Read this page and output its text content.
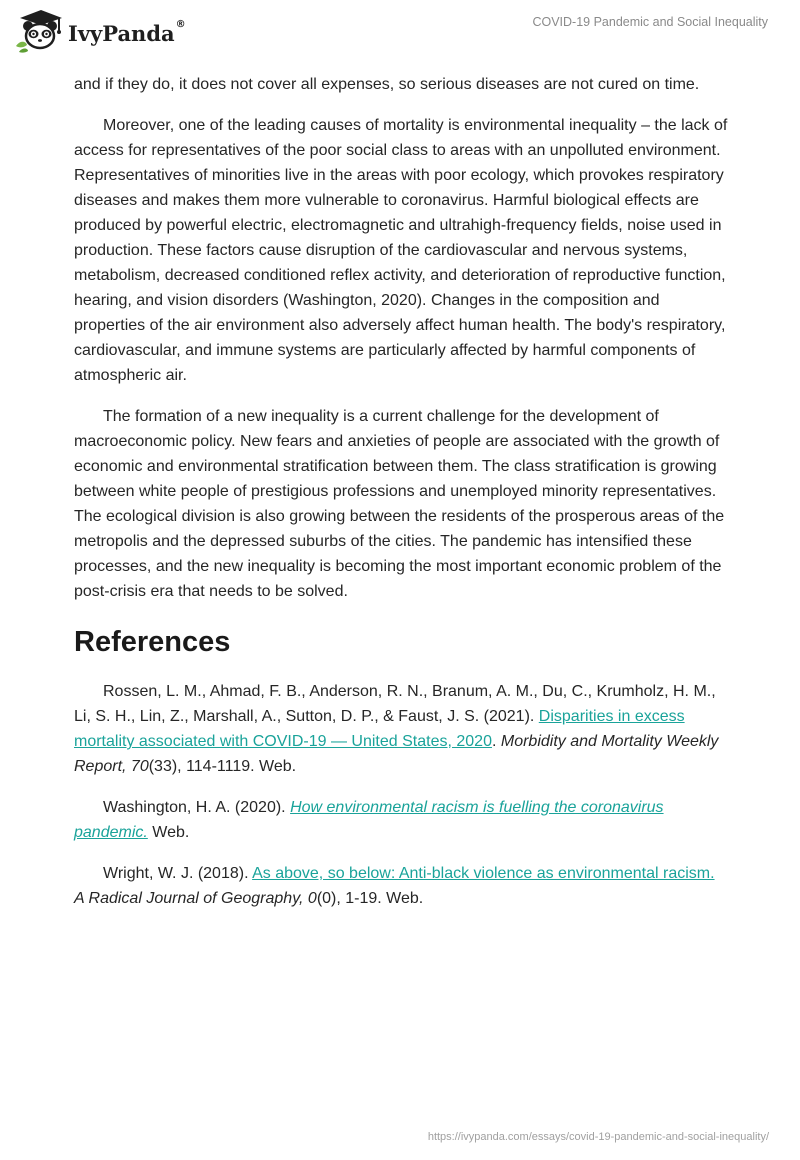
IvyPanda®	COVID-19 Pandemic and Social Inequality

and if they do, it does not cover all expenses, so serious diseases are not cured on time.

Moreover, one of the leading causes of mortality is environmental inequality – the lack of access for representatives of the poor social class to areas with an unpolluted environment. Representatives of minorities live in the areas with poor ecology, which provokes respiratory diseases and makes them more vulnerable to coronavirus. Harmful biological effects are produced by powerful electric, electromagnetic and ultrahigh-frequency fields, noise used in production. These factors cause disruption of the cardiovascular and nervous systems, metabolism, decreased conditioned reflex activity, and deterioration of reproductive function, hearing, and vision disorders (Washington, 2020). Changes in the composition and properties of the air environment also adversely affect human health. The body's respiratory, cardiovascular, and immune systems are particularly affected by harmful components of atmospheric air.

The formation of a new inequality is a current challenge for the development of macroeconomic policy. New fears and anxieties of people are associated with the growth of economic and environmental stratification between them. The class stratification is growing between white people of prestigious professions and unemployed minority representatives. The ecological division is also growing between the residents of the prosperous areas of the metropolis and the depressed suburbs of the cities. The pandemic has intensified these processes, and the new inequality is becoming the most important economic problem of the post-crisis era that needs to be solved.

References

Rossen, L. M., Ahmad, F. B., Anderson, R. N., Branum, A. M., Du, C., Krumholz, H. M., Li, S. H., Lin, Z., Marshall, A., Sutton, D. P., & Faust, J. S. (2021). Disparities in excess mortality associated with COVID-19 — United States, 2020. Morbidity and Mortality Weekly Report, 70(33), 114-1119. Web.

Washington, H. A. (2020). How environmental racism is fuelling the coronavirus pandemic. Web.

Wright, W. J. (2018). As above, so below: Anti-black violence as environmental racism. A Radical Journal of Geography, 0(0), 1-19. Web.

https://ivypanda.com/essays/covid-19-pandemic-and-social-inequality/
